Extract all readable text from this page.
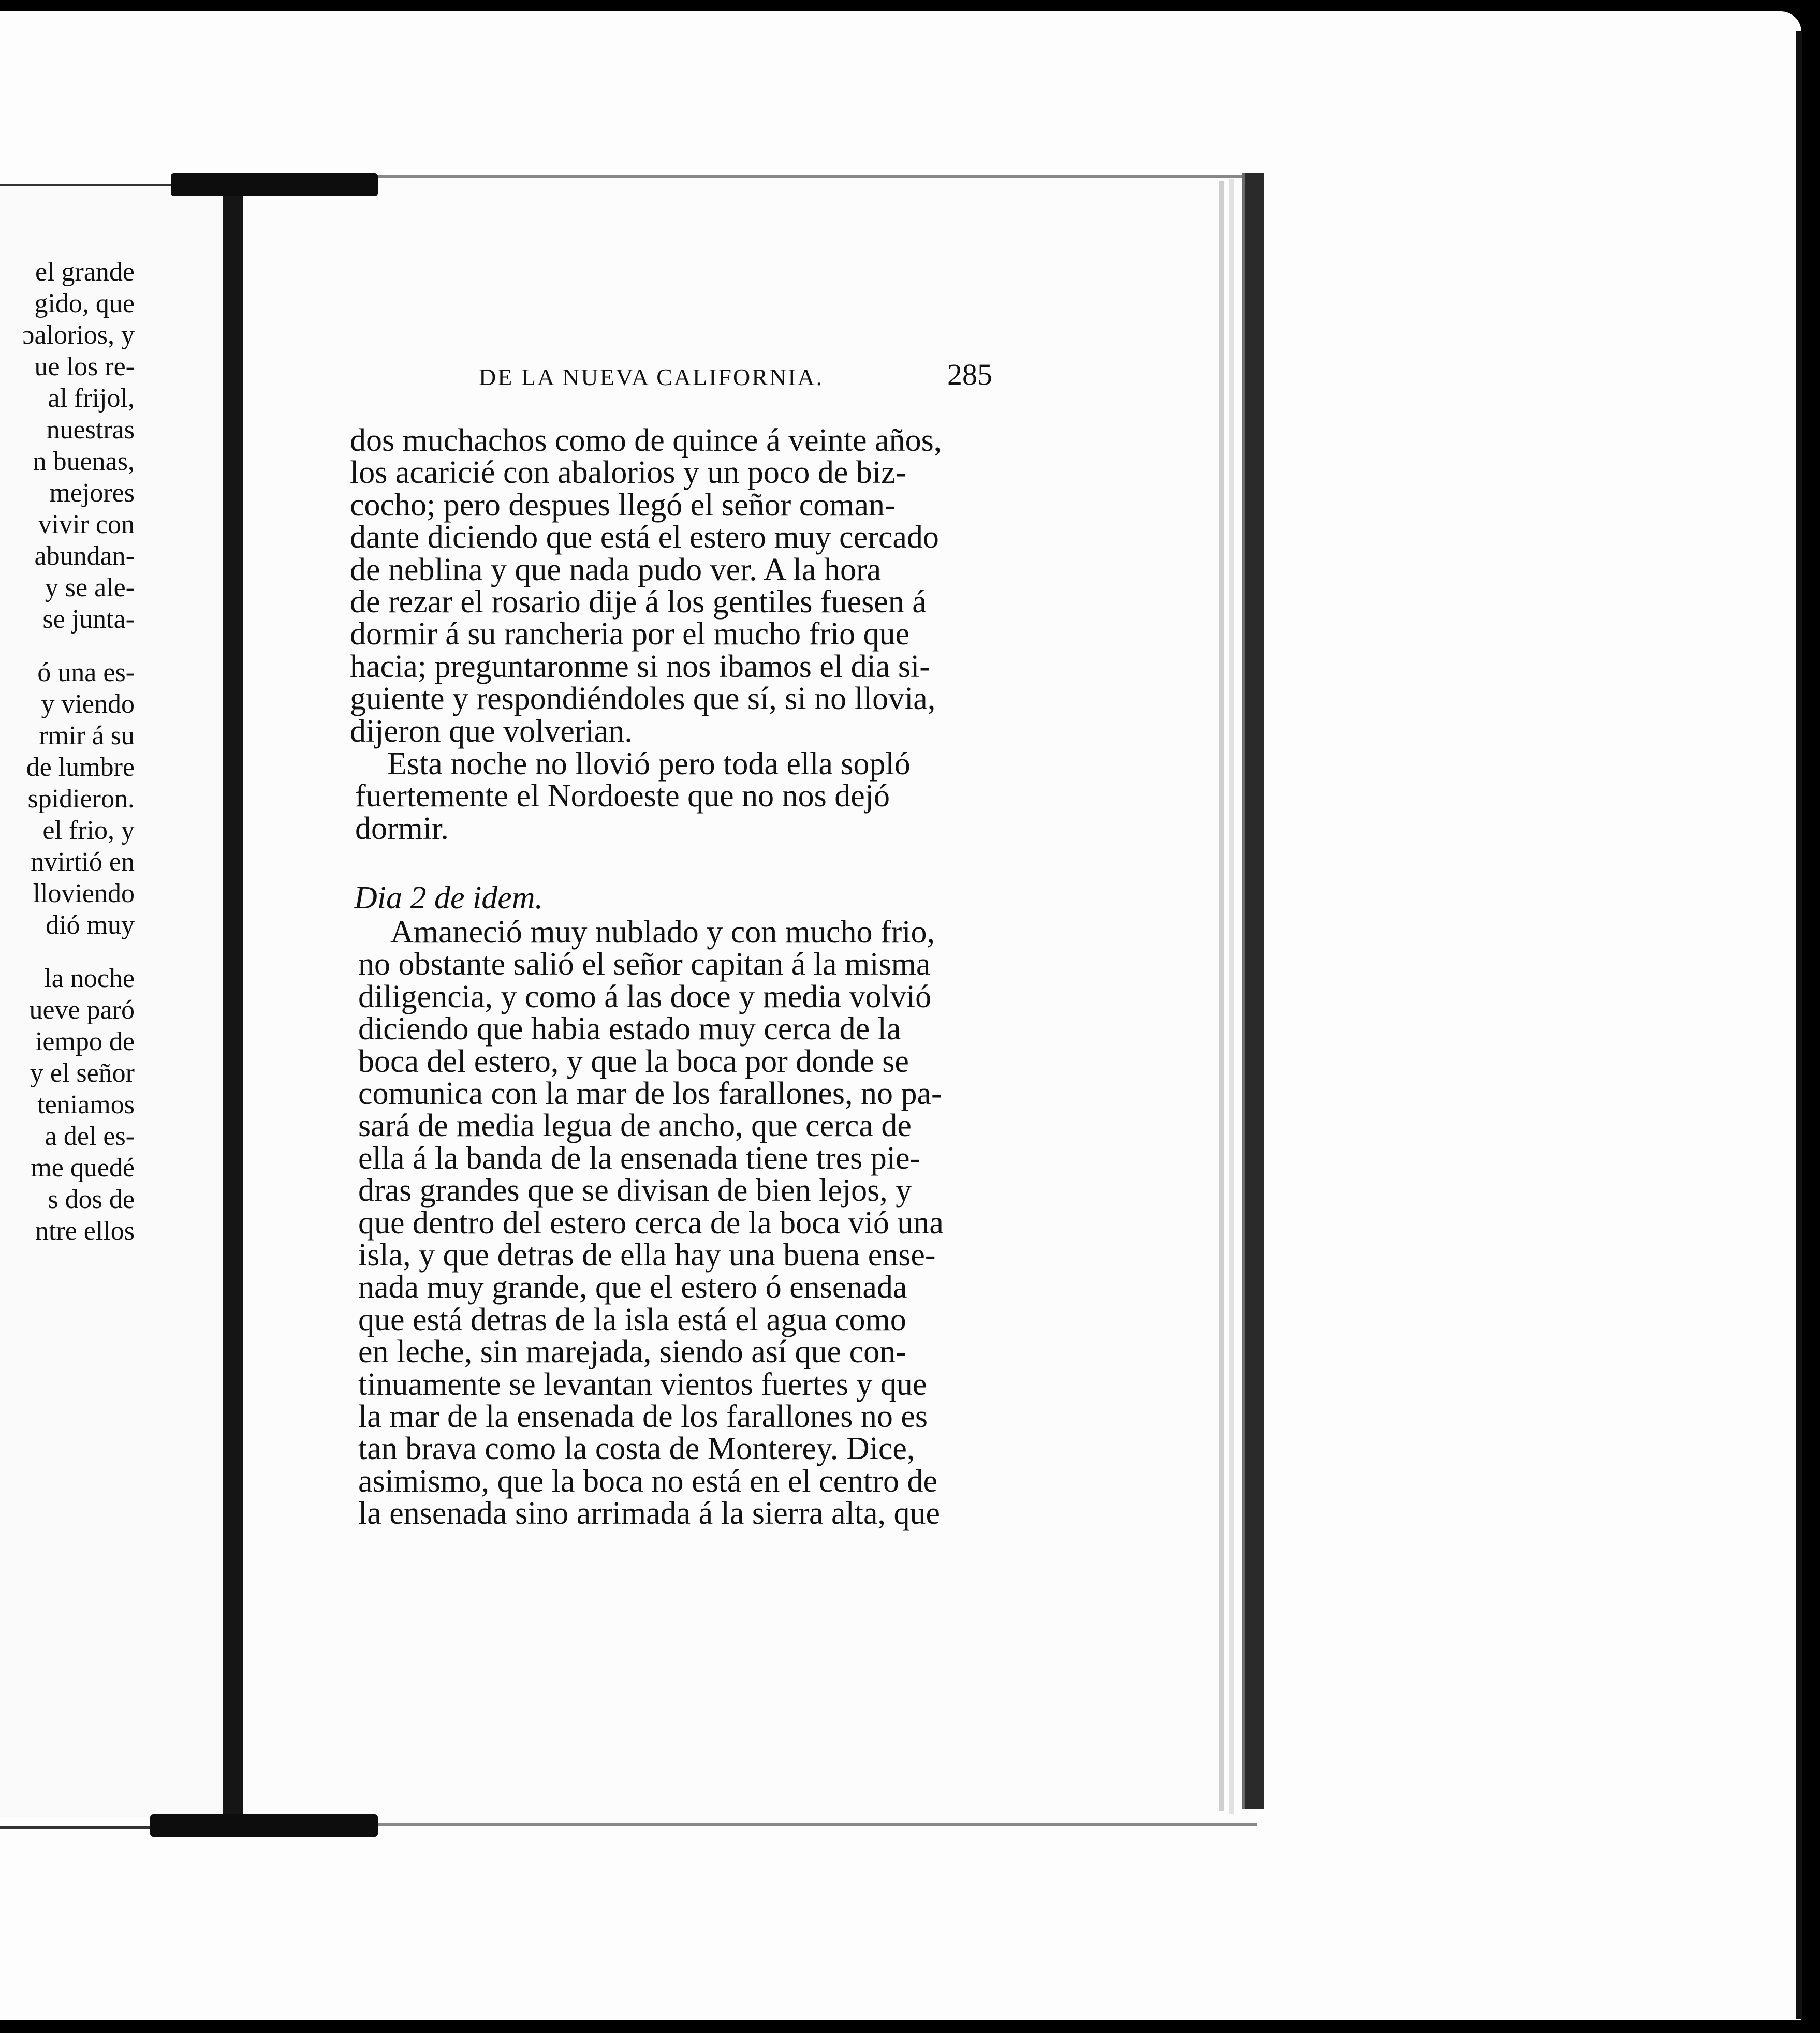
el grande
gido, que
ɔalorios, y
ue los re-
al frijol,
nuestras
n buenas,
mejores
vivir con
abundan-
y se ale-
se junta-
ó una es-
y viendo
rmir á su
de lumbre
spidieron.
el frio, y
nvirtió en
lloviendo
dió muy
la noche
ueve paró
iempo de
y el señor
teniamos
a del es-
me quedé
s dos de
ntre ellos
DE LA NUEVA CALIFORNIA.	285
Dia 2 de idem.
dos muchachos como de quince á veinte años,
los acaricié con abalorios y un poco de biz-
cocho; pero despues llegó el señor coman-
dante diciendo que está el estero muy cercado
de neblina y que nada pudo ver. A la hora
de rezar el rosario dije á los gentiles fuesen á
dormir á su rancheria por el mucho frio que
hacia; preguntaronme si nos ibamos el dia si-
guiente y respondiéndoles que sí, si no llovia,
dijeron que volverian.
Esta noche no llovió pero toda ella sopló
fuertemente el Nordoeste que no nos dejó
dormir.
Amaneció muy nublado y con mucho frio,
no obstante salió el señor capitan á la misma
diligencia, y como á las doce y media volvió
diciendo que habia estado muy cerca de la
boca del estero, y que la boca por donde se
comunica con la mar de los farallones, no pa-
sará de media legua de ancho, que cerca de
ella á la banda de la ensenada tiene tres pie-
dras grandes que se divisan de bien lejos, y
que dentro del estero cerca de la boca vió una
isla, y que detras de ella hay una buena ense-
nada muy grande, que el estero ó ensenada
que está detras de la isla está el agua como
en leche, sin marejada, siendo así que con-
tinuamente se levantan vientos fuertes y que
la mar de la ensenada de los farallones no es
tan brava como la costa de Monterey. Dice,
asimismo, que la boca no está en el centro de
la ensenada sino arrimada á la sierra alta, que
